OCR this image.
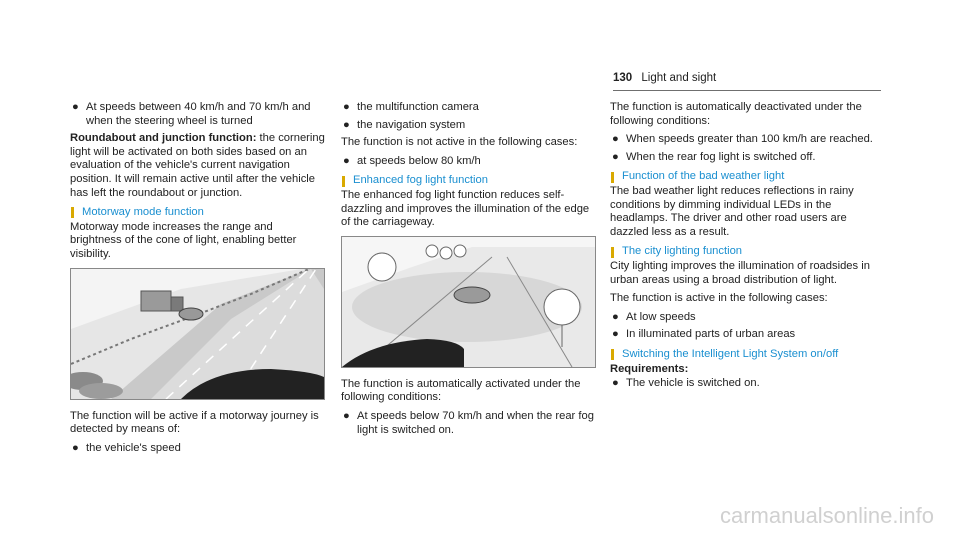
130 Light and sight
● At speeds between 40 km/h and 70 km/h and when the steering wheel is turned

Roundabout and junction function: the cornering light will be activated on both sides based on an evaluation of the vehicle's current navigation position. It will remain active until after the vehicle has left the roundabout or junction.

Motorway mode function

Motorway mode increases the range and brightness of the cone of light, enabling better visibility.

The function will be active if a motorway journey is detected by means of:

● the vehicle's speed
● the multifunction camera
● the navigation system

The function is not active in the following cases:

● at speeds below 80 km/h
Enhanced fog light function

The enhanced fog light function reduces self-dazzling and improves the illumination of the edge of the carriageway.

The function is automatically activated under the following conditions:

● At speeds below 70 km/h and when the rear fog light is switched on.

The function is automatically deactivated under the following conditions:

● When speeds greater than 100 km/h are reached.
● When the rear fog light is switched off.
Function of the bad weather light

The bad weather light reduces reflections in rainy conditions by dimming individual LEDs in the headlamps. The driver and other road users are dazzled less as a result.

The city lighting function

City lighting improves the illumination of roadsides in urban areas using a broad distribution of light.

The function is active in the following cases:

● At low speeds
● In illuminated parts of urban areas
Switching the Intelligent Light System on/off

Requirements:

● The vehicle is switched on.
carmanualsonline.info
